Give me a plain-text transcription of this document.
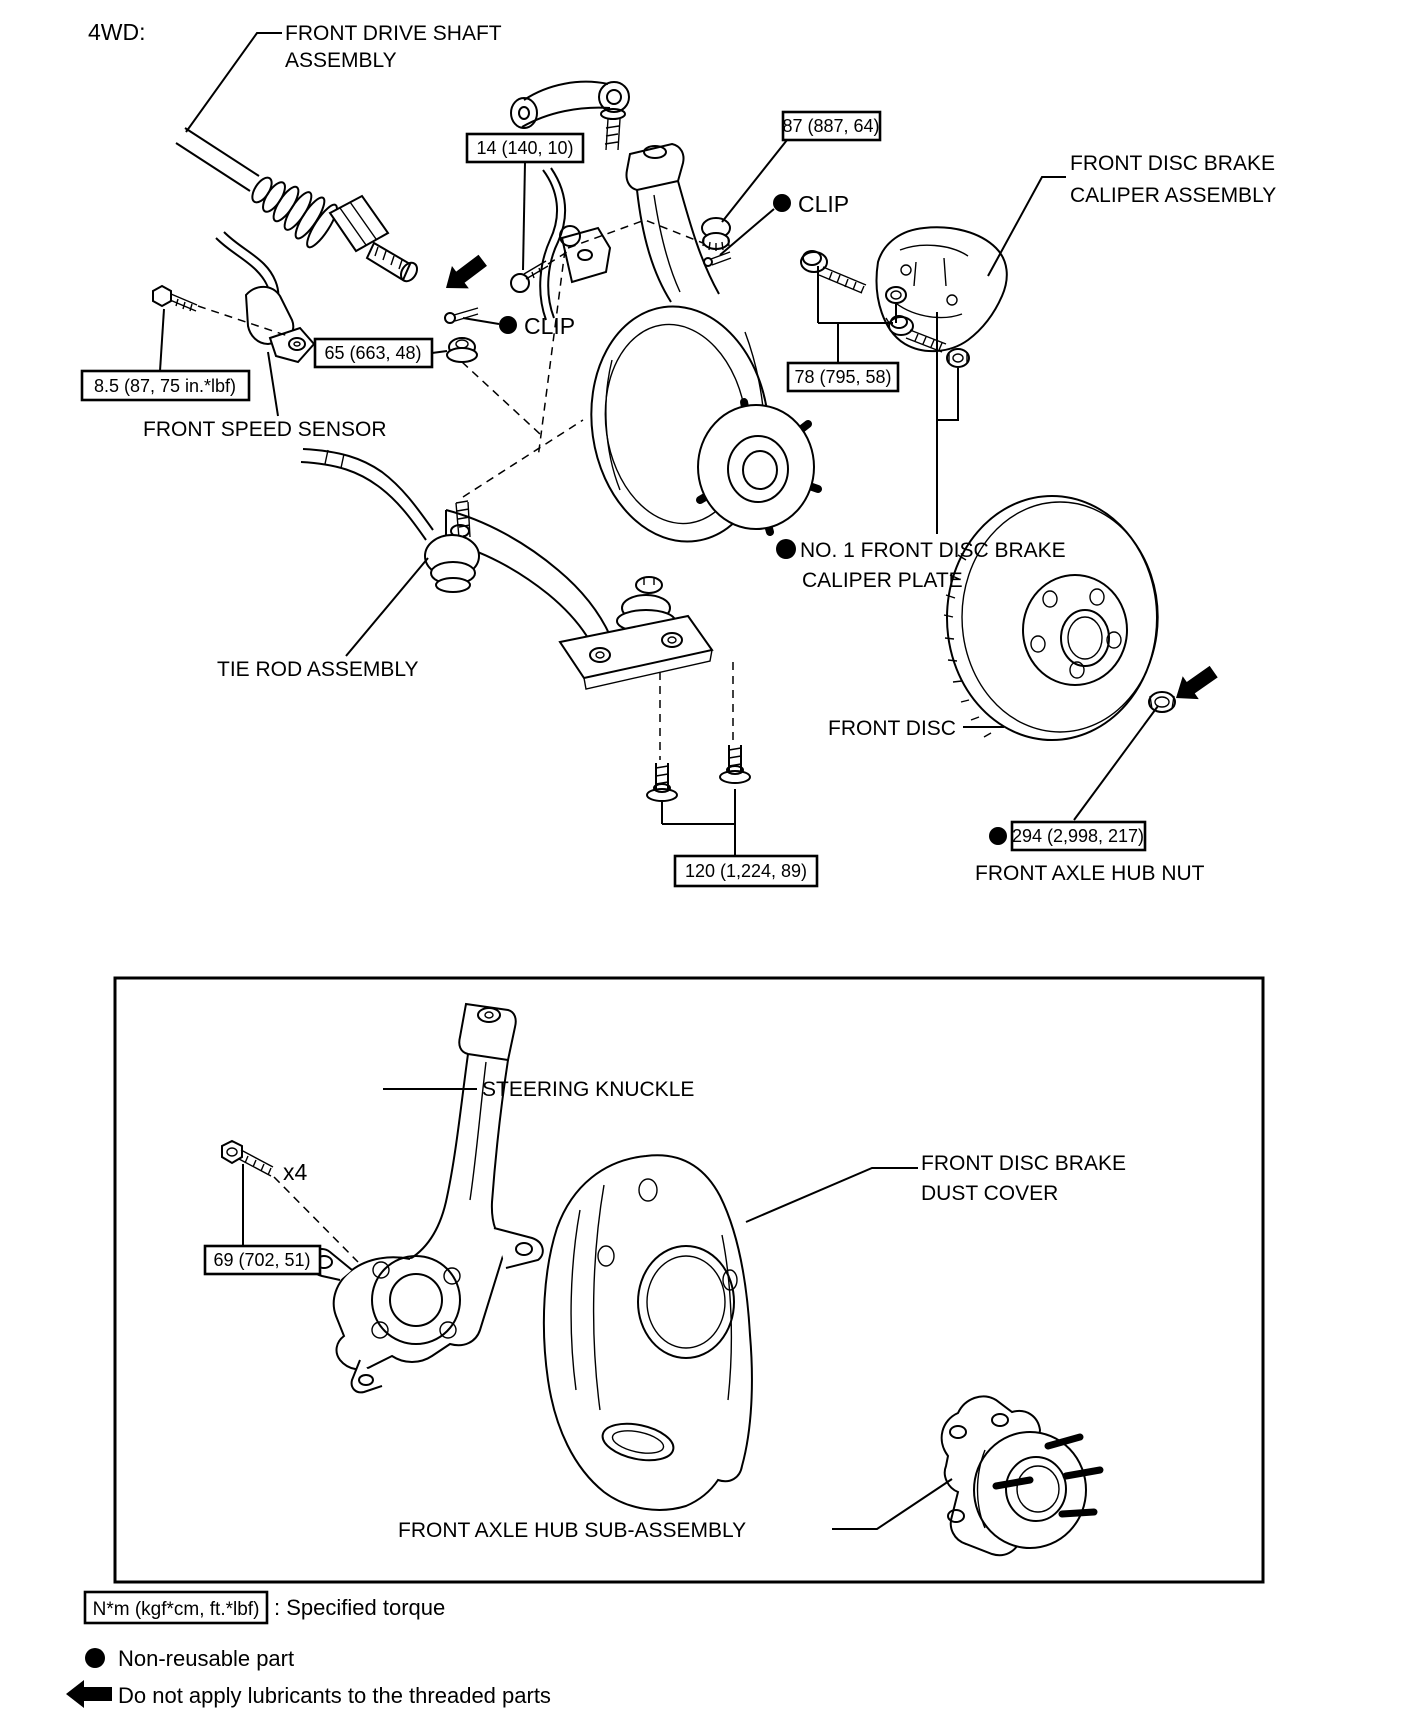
14 (140, 10)
87 (887, 64)
8.5 (87, 75 in.*lbf)
65 (663, 48)
78 (795, 58)
120 (1,224, 89)
294 (2,998, 217)
69 (702, 51)
4WD:	FRONT DRIVE SHAFT
ASSEMBLY
CLIP
FRONT DISC BRAKE
CALIPER ASSEMBLY
FRONT SPEED SENSOR
CLIP
NO. 1 FRONT DISC BRAKE
CALIPER PLATE
TIE ROD ASSEMBLY
FRONT DISC
FRONT AXLE HUB NUT
STEERING KNUCKLE
x4	FRONT DISC BRAKE
DUST COVER
FRONT AXLE HUB SUB-ASSEMBLY
N*m (kgf*cm, ft.*lbf) : Specified torque
Non-reusable part
Do not apply lubricants to the threaded parts
